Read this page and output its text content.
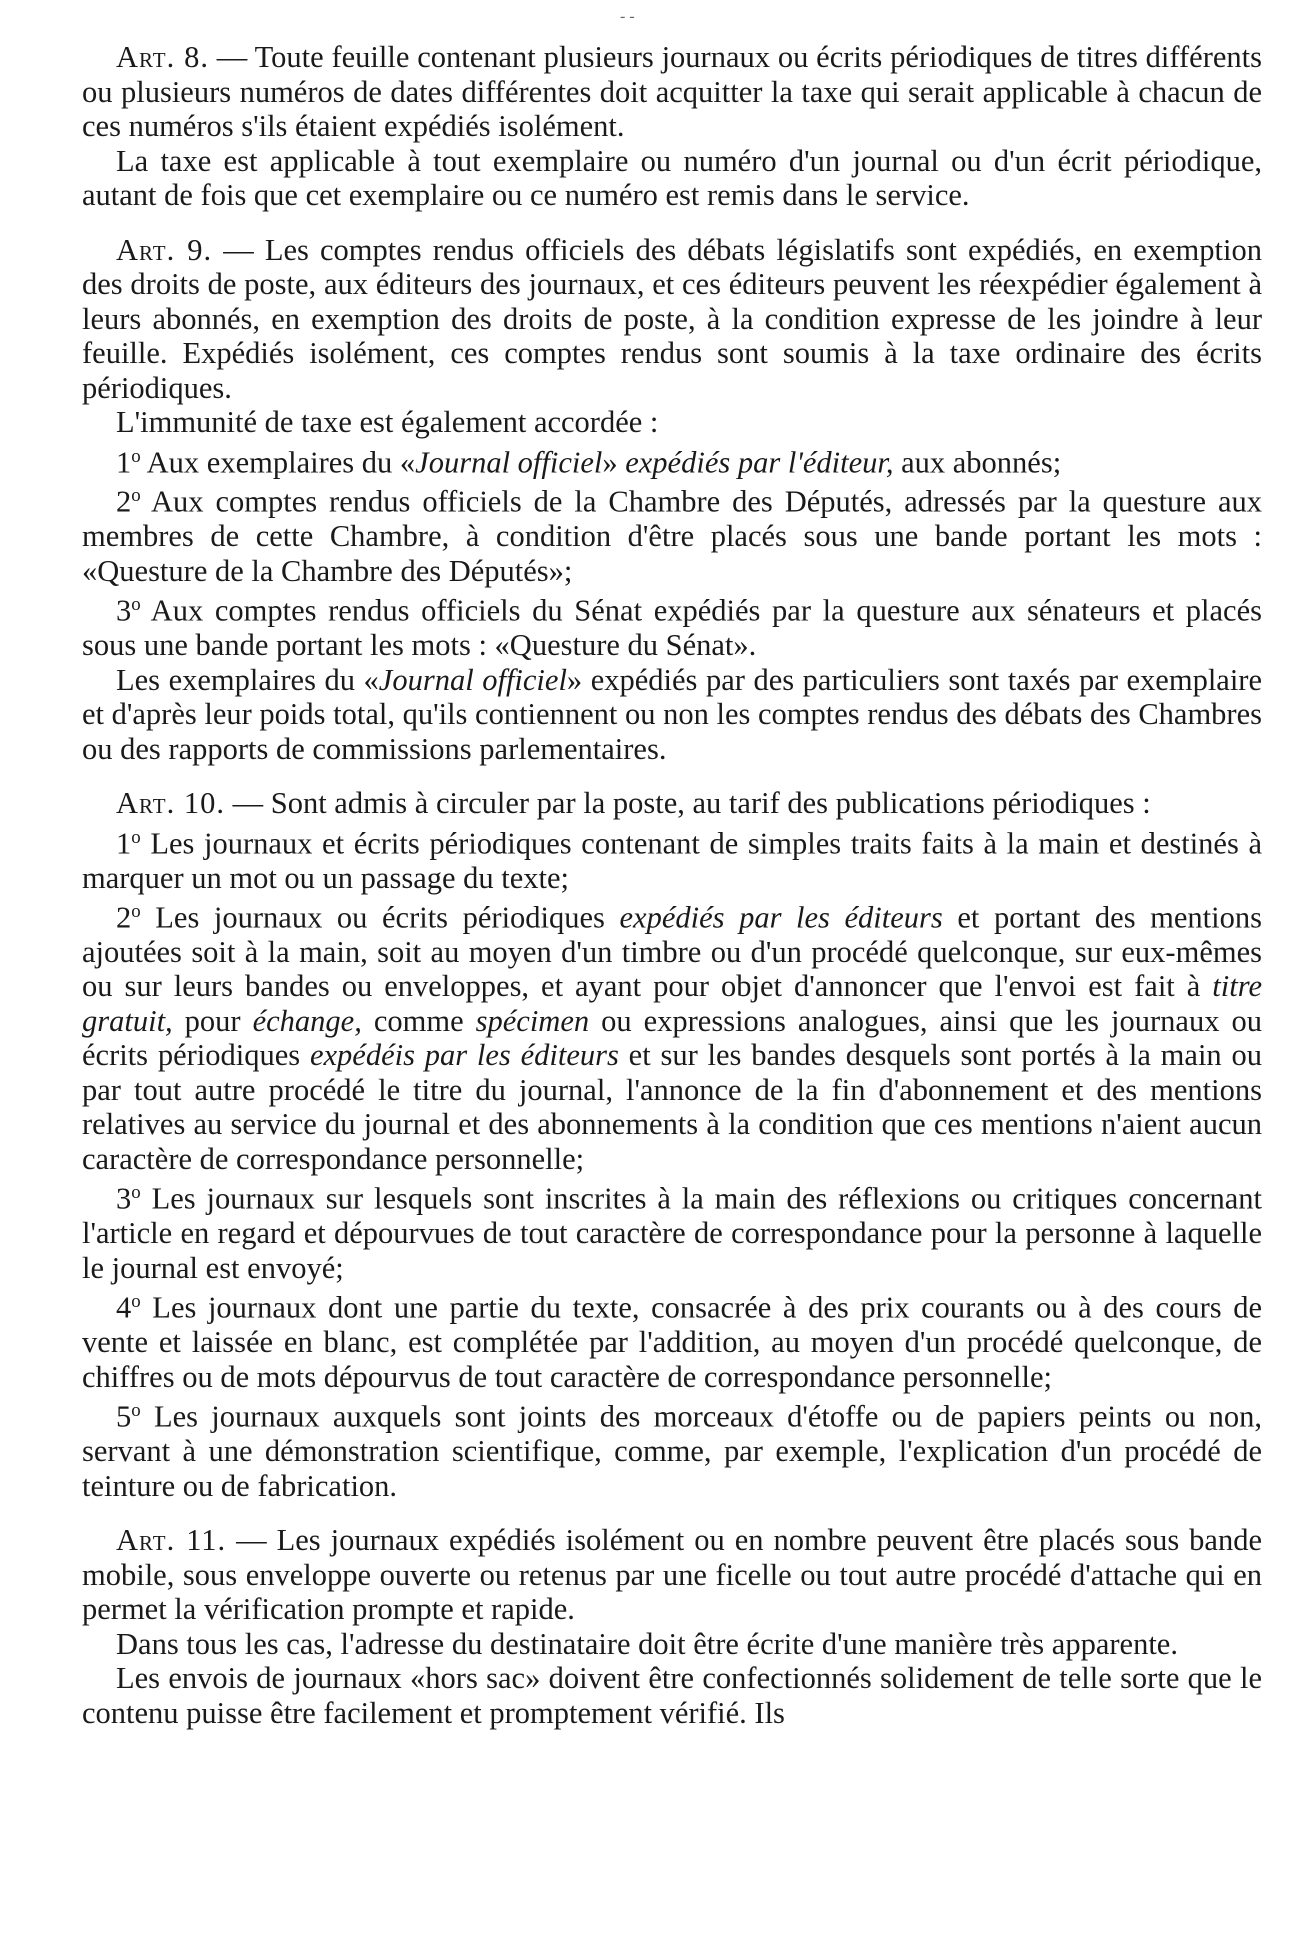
- -

Art. 8. — Toute feuille contenant plusieurs journaux ou écrits périodiques de titres différents ou plusieurs numéros de dates différentes doit acquitter la taxe qui serait applicable à chacun de ces numéros s'ils étaient expédiés isolément.

La taxe est applicable à tout exemplaire ou numéro d'un journal ou d'un écrit périodique, autant de fois que cet exemplaire ou ce numéro est remis dans le service.

Art. 9. — Les comptes rendus officiels des débats législatifs sont expédiés, en exemption des droits de poste, aux éditeurs des journaux, et ces éditeurs peuvent les réexpédier également à leurs abonnés, en exemption des droits de poste, à la condition expresse de les joindre à leur feuille. Expédiés isolément, ces comptes rendus sont soumis à la taxe ordinaire des écrits périodiques.

L'immunité de taxe est également accordée :

1$^o$ Aux exemplaires du «Journal officiel» expédiés par l'éditeur, aux abonnés;

2$^o$ Aux comptes rendus officiels de la Chambre des Députés, adressés par la questure aux membres de cette Chambre, à condition d'être placés sous une bande portant les mots : «Questure de la Chambre des Députés»;

3$^o$ Aux comptes rendus officiels du Sénat expédiés par la questure aux sénateurs et placés sous une bande portant les mots : «Questure du Sénat».

Les exemplaires du «Journal officiel» expédiés par des particuliers sont taxés par exemplaire et d'après leur poids total, qu'ils contiennent ou non les comptes rendus des débats des Chambres ou des rapports de commissions parlementaires.

Art. 10. — Sont admis à circuler par la poste, au tarif des publications périodiques :

1$^o$ Les journaux et écrits périodiques contenant de simples traits faits à la main et destinés à marquer un mot ou un passage du texte;

2$^o$ Les journaux ou écrits périodiques expédiés par les éditeurs et portant des mentions ajoutées soit à la main, soit au moyen d'un timbre ou d'un procédé quelconque, sur eux-mêmes ou sur leurs bandes ou enveloppes, et ayant pour objet d'annoncer que l'envoi est fait à titre gratuit, pour échange, comme spécimen ou expressions analogues, ainsi que les journaux ou écrits périodiques expédéis par les éditeurs et sur les bandes desquels sont portés à la main ou par tout autre procédé le titre du journal, l'annonce de la fin d'abonnement et des mentions relatives au service du journal et des abonnements à la condition que ces mentions n'aient aucun caractère de correspondance personnelle;

3$^o$ Les journaux sur lesquels sont inscrites à la main des réflexions ou critiques concernant l'article en regard et dépourvues de tout caractère de correspondance pour la personne à laquelle le journal est envoyé;

4$^o$ Les journaux dont une partie du texte, consacrée à des prix courants ou à des cours de vente et laissée en blanc, est complétée par l'addition, au moyen d'un procédé quelconque, de chiffres ou de mots dépourvus de tout caractère de correspondance personnelle;

5$^o$ Les journaux auxquels sont joints des morceaux d'étoffe ou de papiers peints ou non, servant à une démonstration scientifique, comme, par exemple, l'explication d'un procédé de teinture ou de fabrication.

Art. 11. — Les journaux expédiés isolément ou en nombre peuvent être placés sous bande mobile, sous enveloppe ouverte ou retenus par une ficelle ou tout autre procédé d'attache qui en permet la vérification prompte et rapide.

Dans tous les cas, l'adresse du destinataire doit être écrite d'une manière très apparente.

Les envois de journaux «hors sac» doivent être confectionnés solidement de telle sorte que le contenu puisse être facilement et promptement vérifié. Ils
